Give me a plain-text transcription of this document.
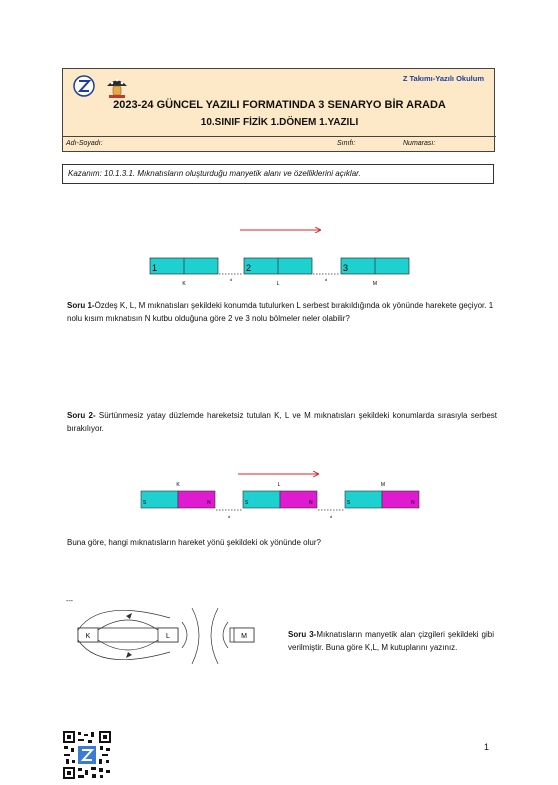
Z Takımı-Yazılı Okulum
2023-24 GÜNCEL YAZILI FORMATINDA 3 SENARYO BİR ARADA
10.SINIF FİZİK 1.DÖNEM 1.YAZILI
Adı-Soyadı:	Sınıfı:	Numarası:
Kazanım: 10.1.3.1. Mıknatısların oluşturduğu manyetik alanı ve özelliklerini açıklar.
1	2	3
d	d
K	L	M
Soru 1-Özdeş K, L, M mıknatısları şekildeki konumda tutulurken L serbest bırakıldığında ok yönünde harekete geçiyor. 1 nolu kısım mıknatısın N kutbu olduğuna göre 2 ve 3 nolu bölmeler neler olabilir?
Soru 2- Sürtünmesiz yatay düzlemde hareketsiz tutulan K, L ve M mıknatısları şekildeki konumlarda sırasıyla serbest bırakılıyor.
K	L	M
S	N	S	N	S	N
d	d
Buna göre, hangi mıknatısların hareket yönü şekildeki ok yönünde olur?
---
K	L	M	Soru 3-Mıknatısların manyetik alan çizgileri şekildeki gibi verilmiştir. Buna göre K,L, M kutuplarını yazınız.
1
